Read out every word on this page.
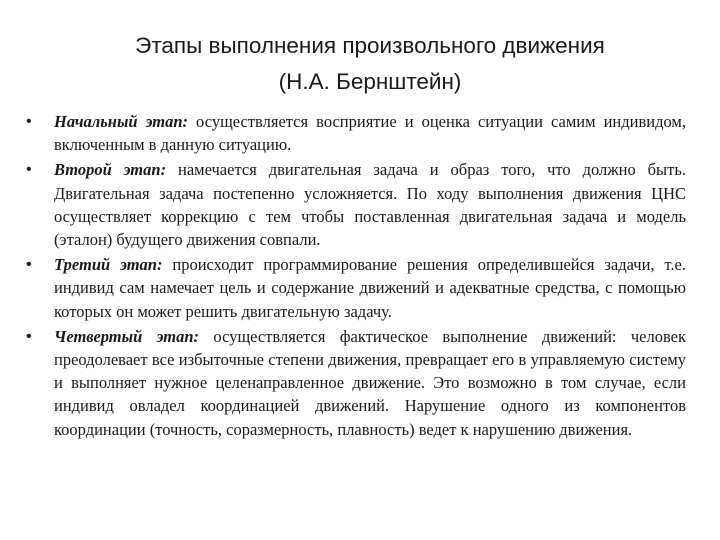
Этапы выполнения произвольного движения
(Н.А. Бернштейн)
• Начальный этап: осуществляется восприятие и оценка ситуации самим индивидом, включенным в данную ситуацию.
• Второй этап: намечается двигательная задача и образ того, что должно быть. Двигательная задача постепенно усложняется. По ходу выполнения движения ЦНС осуществляет коррекцию с тем чтобы поставленная двигательная задача и модель (эталон) будущего движения совпали.
• Третий этап: происходит программирование решения определившейся задачи, т.е. индивид сам намечает цель и содержание движений и адекватные средства, с помощью которых он может решить двигательную задачу.
• Четвертый этап: осуществляется фактическое выполнение движений: человек преодолевает все избыточные степени движения, превращает его в управляемую систему и выполняет нужное целенаправленное движение. Это возможно в том случае, если индивид овладел координацией движений. Нарушение одного из компонентов координации (точность, соразмерность, плавность) ведет к нарушению движения.
